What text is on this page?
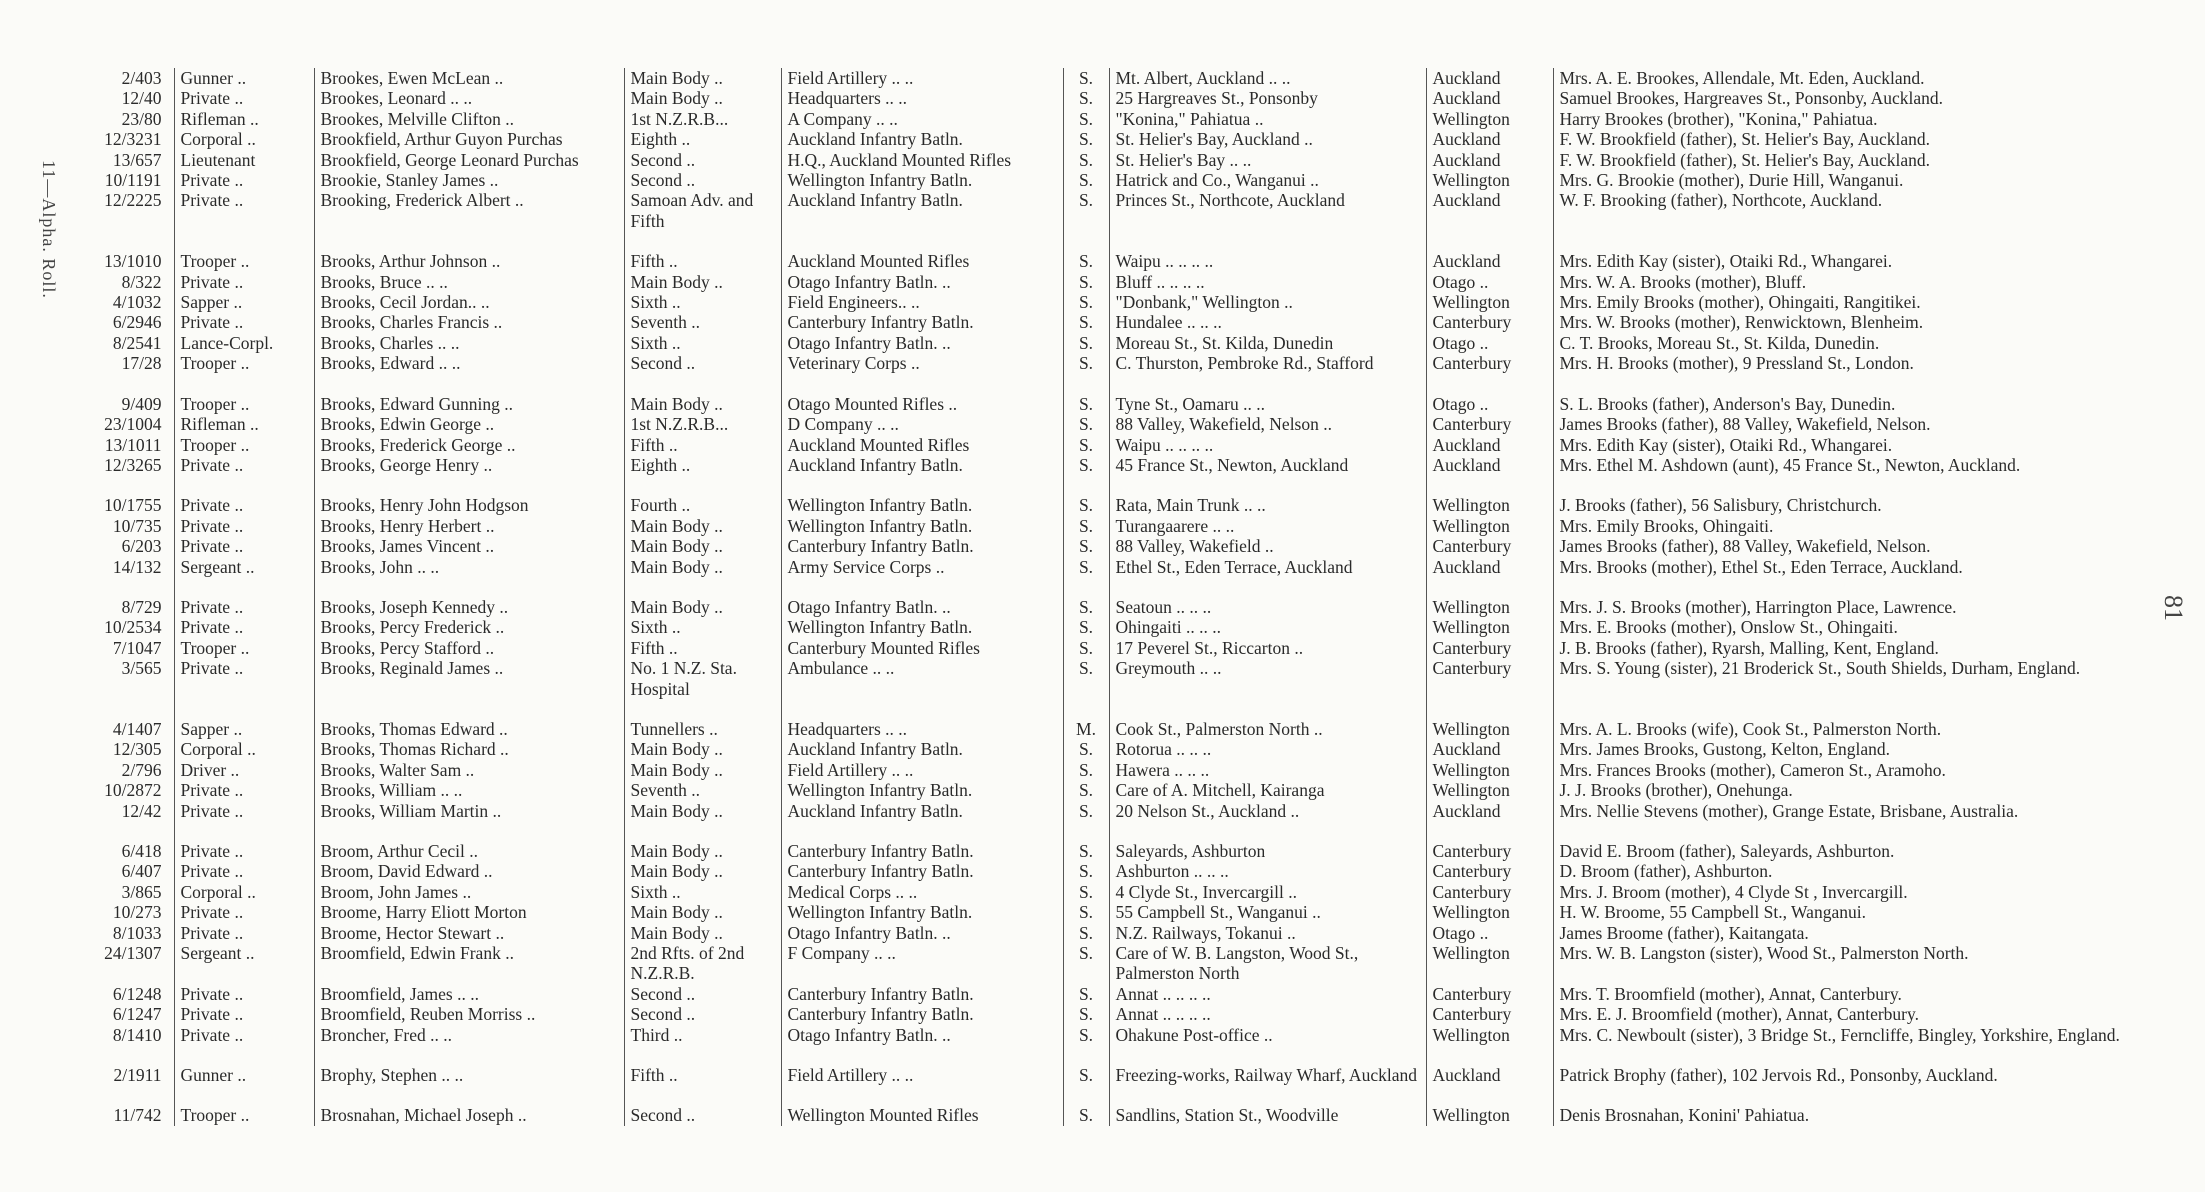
11—Alpha. Roll.
81
2/403	Gunner ..	Brookes, Ewen McLean ..	Main Body ..	Field Artillery .. ..	S.	Mt. Albert, Auckland .. ..	Auckland	Mrs. A. E. Brookes, Allendale, Mt. Eden, Auckland.
12/40	Private ..	Brookes, Leonard .. ..	Main Body ..	Headquarters .. ..	S.	25 Hargreaves St., Ponsonby	Auckland	Samuel Brookes, Hargreaves St., Ponsonby, Auckland.
23/80	Rifleman ..	Brookes, Melville Clifton ..	1st N.Z.R.B...	A Company .. ..	S.	"Konina," Pahiatua ..	Wellington	Harry Brookes (brother), "Konina," Pahiatua.
12/3231	Corporal ..	Brookfield, Arthur Guyon Purchas	Eighth ..	Auckland Infantry Batln.	S.	St. Helier's Bay, Auckland ..	Auckland	F. W. Brookfield (father), St. Helier's Bay, Auckland.
13/657	Lieutenant	Brookfield, George Leonard Purchas	Second ..	H.Q., Auckland Mounted Rifles	S.	St. Helier's Bay .. ..	Auckland	F. W. Brookfield (father), St. Helier's Bay, Auckland.
10/1191	Private ..	Brookie, Stanley James ..	Second ..	Wellington Infantry Batln.	S.	Hatrick and Co., Wanganui ..	Wellington	Mrs. G. Brookie (mother), Durie Hill, Wanganui.
12/2225	Private ..	Brooking, Frederick Albert ..	Samoan Adv. and Fifth	Auckland Infantry Batln.	S.	Princes St., Northcote, Auckland	Auckland	W. F. Brooking (father), Northcote, Auckland.
13/1010	Trooper ..	Brooks, Arthur Johnson ..	Fifth ..	Auckland Mounted Rifles	S.	Waipu .. .. .. ..	Auckland	Mrs. Edith Kay (sister), Otaiki Rd., Whangarei.
8/322	Private ..	Brooks, Bruce .. ..	Main Body ..	Otago Infantry Batln. ..	S.	Bluff .. .. .. ..	Otago ..	Mrs. W. A. Brooks (mother), Bluff.
4/1032	Sapper ..	Brooks, Cecil Jordan.. ..	Sixth ..	Field Engineers.. ..	S.	"Donbank," Wellington ..	Wellington	Mrs. Emily Brooks (mother), Ohingaiti, Rangitikei.
6/2946	Private ..	Brooks, Charles Francis ..	Seventh ..	Canterbury Infantry Batln.	S.	Hundalee .. .. ..	Canterbury	Mrs. W. Brooks (mother), Renwicktown, Blenheim.
8/2541	Lance-Corpl.	Brooks, Charles .. ..	Sixth ..	Otago Infantry Batln. ..	S.	Moreau St., St. Kilda, Dunedin	Otago ..	C. T. Brooks, Moreau St., St. Kilda, Dunedin.
17/28	Trooper ..	Brooks, Edward .. ..	Second ..	Veterinary Corps ..	S.	C. Thurston, Pembroke Rd., Stafford	Canterbury	Mrs. H. Brooks (mother), 9 Pressland St., London.
9/409	Trooper ..	Brooks, Edward Gunning ..	Main Body ..	Otago Mounted Rifles ..	S.	Tyne St., Oamaru .. ..	Otago ..	S. L. Brooks (father), Anderson's Bay, Dunedin.
23/1004	Rifleman ..	Brooks, Edwin George ..	1st N.Z.R.B...	D Company .. ..	S.	88 Valley, Wakefield, Nelson ..	Canterbury	James Brooks (father), 88 Valley, Wakefield, Nelson.
13/1011	Trooper ..	Brooks, Frederick George ..	Fifth ..	Auckland Mounted Rifles	S.	Waipu .. .. .. ..	Auckland	Mrs. Edith Kay (sister), Otaiki Rd., Whangarei.
12/3265	Private ..	Brooks, George Henry ..	Eighth ..	Auckland Infantry Batln.	S.	45 France St., Newton, Auckland	Auckland	Mrs. Ethel M. Ashdown (aunt), 45 France St., Newton, Auckland.
10/1755	Private ..	Brooks, Henry John Hodgson	Fourth ..	Wellington Infantry Batln.	S.	Rata, Main Trunk .. ..	Wellington	J. Brooks (father), 56 Salisbury, Christchurch.
10/735	Private ..	Brooks, Henry Herbert ..	Main Body ..	Wellington Infantry Batln.	S.	Turangaarere .. ..	Wellington	Mrs. Emily Brooks, Ohingaiti.
6/203	Private ..	Brooks, James Vincent ..	Main Body ..	Canterbury Infantry Batln.	S.	88 Valley, Wakefield ..	Canterbury	James Brooks (father), 88 Valley, Wakefield, Nelson.
14/132	Sergeant ..	Brooks, John .. ..	Main Body ..	Army Service Corps ..	S.	Ethel St., Eden Terrace, Auckland	Auckland	Mrs. Brooks (mother), Ethel St., Eden Terrace, Auckland.
8/729	Private ..	Brooks, Joseph Kennedy ..	Main Body ..	Otago Infantry Batln. ..	S.	Seatoun .. .. ..	Wellington	Mrs. J. S. Brooks (mother), Harrington Place, Lawrence.
10/2534	Private ..	Brooks, Percy Frederick ..	Sixth ..	Wellington Infantry Batln.	S.	Ohingaiti .. .. ..	Wellington	Mrs. E. Brooks (mother), Onslow St., Ohingaiti.
7/1047	Trooper ..	Brooks, Percy Stafford ..	Fifth ..	Canterbury Mounted Rifles	S.	17 Peverel St., Riccarton ..	Canterbury	J. B. Brooks (father), Ryarsh, Malling, Kent, England.
3/565	Private ..	Brooks, Reginald James ..	No. 1 N.Z. Sta. Hospital	Ambulance .. ..	S.	Greymouth .. ..	Canterbury	Mrs. S. Young (sister), 21 Broderick St., South Shields, Durham, England.
4/1407	Sapper ..	Brooks, Thomas Edward ..	Tunnellers ..	Headquarters .. ..	M.	Cook St., Palmerston North ..	Wellington	Mrs. A. L. Brooks (wife), Cook St., Palmerston North.
12/305	Corporal ..	Brooks, Thomas Richard ..	Main Body ..	Auckland Infantry Batln.	S.	Rotorua .. .. ..	Auckland	Mrs. James Brooks, Gustong, Kelton, England.
2/796	Driver ..	Brooks, Walter Sam ..	Main Body ..	Field Artillery .. ..	S.	Hawera .. .. ..	Wellington	Mrs. Frances Brooks (mother), Cameron St., Aramoho.
10/2872	Private ..	Brooks, William .. ..	Seventh ..	Wellington Infantry Batln.	S.	Care of A. Mitchell, Kairanga	Wellington	J. J. Brooks (brother), Onehunga.
12/42	Private ..	Brooks, William Martin ..	Main Body ..	Auckland Infantry Batln.	S.	20 Nelson St., Auckland ..	Auckland	Mrs. Nellie Stevens (mother), Grange Estate, Brisbane, Australia.
6/418	Private ..	Broom, Arthur Cecil ..	Main Body ..	Canterbury Infantry Batln.	S.	Saleyards, Ashburton	Canterbury	David E. Broom (father), Saleyards, Ashburton.
6/407	Private ..	Broom, David Edward ..	Main Body ..	Canterbury Infantry Batln.	S.	Ashburton .. .. ..	Canterbury	D. Broom (father), Ashburton.
3/865	Corporal ..	Broom, John James ..	Sixth ..	Medical Corps .. ..	S.	4 Clyde St., Invercargill ..	Canterbury	Mrs. J. Broom (mother), 4 Clyde St , Invercargill.
10/273	Private ..	Broome, Harry Eliott Morton	Main Body ..	Wellington Infantry Batln.	S.	55 Campbell St., Wanganui ..	Wellington	H. W. Broome, 55 Campbell St., Wanganui.
8/1033	Private ..	Broome, Hector Stewart ..	Main Body ..	Otago Infantry Batln. ..	S.	N.Z. Railways, Tokanui ..	Otago ..	James Broome (father), Kaitangata.
24/1307	Sergeant ..	Broomfield, Edwin Frank ..	2nd Rfts. of 2nd N.Z.R.B.	F Company .. ..	S.	Care of W. B. Langston, Wood St., Palmerston North	Wellington	Mrs. W. B. Langston (sister), Wood St., Palmerston North.
6/1248	Private ..	Broomfield, James .. ..	Second ..	Canterbury Infantry Batln.	S.	Annat .. .. .. ..	Canterbury	Mrs. T. Broomfield (mother), Annat, Canterbury.
6/1247	Private ..	Broomfield, Reuben Morriss ..	Second ..	Canterbury Infantry Batln.	S.	Annat .. .. .. ..	Canterbury	Mrs. E. J. Broomfield (mother), Annat, Canterbury.
8/1410	Private ..	Broncher, Fred .. ..	Third ..	Otago Infantry Batln. ..	S.	Ohakune Post-office ..	Wellington	Mrs. C. Newboult (sister), 3 Bridge St., Ferncliffe, Bingley, Yorkshire, England.
2/1911	Gunner ..	Brophy, Stephen .. ..	Fifth ..	Field Artillery .. ..	S.	Freezing-works, Railway Wharf, Auckland	Auckland	Patrick Brophy (father), 102 Jervois Rd., Ponsonby, Auckland.
11/742	Trooper ..	Brosnahan, Michael Joseph ..	Second ..	Wellington Mounted Rifles	S.	Sandlins, Station St., Woodville	Wellington	Denis Brosnahan, Konini' Pahiatua.
